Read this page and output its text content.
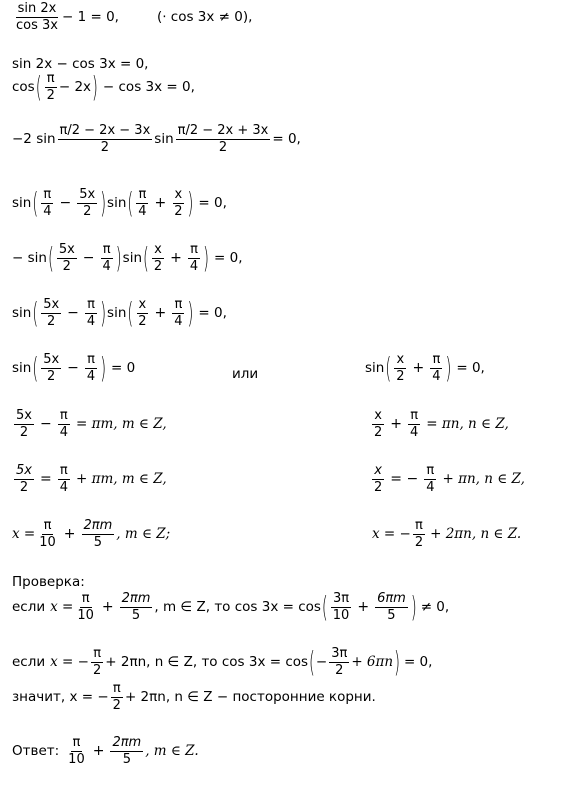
$\frac{\sin 2x}{\cos 3x} - 1 = 0$,	(⋅ cos 3x ≠ 0),
sin 2x − cos 3x = 0,
cos ( $\frac{\pi}{2} - 2x$ ) − cos 3x = 0,
−2 $\sin \frac{\pi/2 - 2x - 3x}{2}$ $\sin \frac{\pi/2 - 2x + 3x}{2} = 0$,
sin ( $\frac{\pi}{4} - \frac{5x}{2}$ ) sin ( $\frac{\pi}{4} + \frac{x}{2}$ ) = 0,
− sin ( $\frac{5x}{2} - \frac{\pi}{4}$ ) sin ( $\frac{x}{2} + \frac{\pi}{4}$ ) = 0,
sin ( $\frac{5x}{2} - \frac{\pi}{4}$ ) sin ( $\frac{x}{2} + \frac{\pi}{4}$ ) = 0,
sin ( $\frac{5x}{2} - \frac{\pi}{4}$ ) = 0	или	sin ( $\frac{x}{2} + \frac{\pi}{4}$ ) = 0,
$\frac{5x}{2} - \frac{\pi}{4} = \pi m$, m ∈ Z,	$\frac{x}{2} + \frac{\pi}{4} = \pi n$, n ∈ Z,
$\frac{5x}{2} = \frac{\pi}{4} + \pi m$, m ∈ Z,	$\frac{x}{2}$ = − $\frac{\pi}{4} + \pi n$, n ∈ Z,
$x = \frac{\pi}{10} + \frac{2\pi m}{5}$ , m ∈ Z;	x = − $\frac{\pi}{2} + 2\pi n$, n ∈ Z.
Проверка:
если $x = \frac{\pi}{10} + \frac{2\pi m}{5}$ , m ∈ Z, то cos 3x = cos ( $\frac{3\pi}{10} + \frac{6\pi m}{5}$ ) ≠ 0,
если x = − $\frac{\pi}{2} + 2\pi n$, n ∈ Z, то cos 3x = cos ( − $\frac{3\pi}{2} + 6\pi n$ ) = 0,
значит, x = − $\frac{\pi}{2} + 2\pi n$, n ∈ Z − посторонние корни.
Ответ: $\frac{\pi}{10} + \frac{2\pi m}{5}$ , m ∈ Z.
